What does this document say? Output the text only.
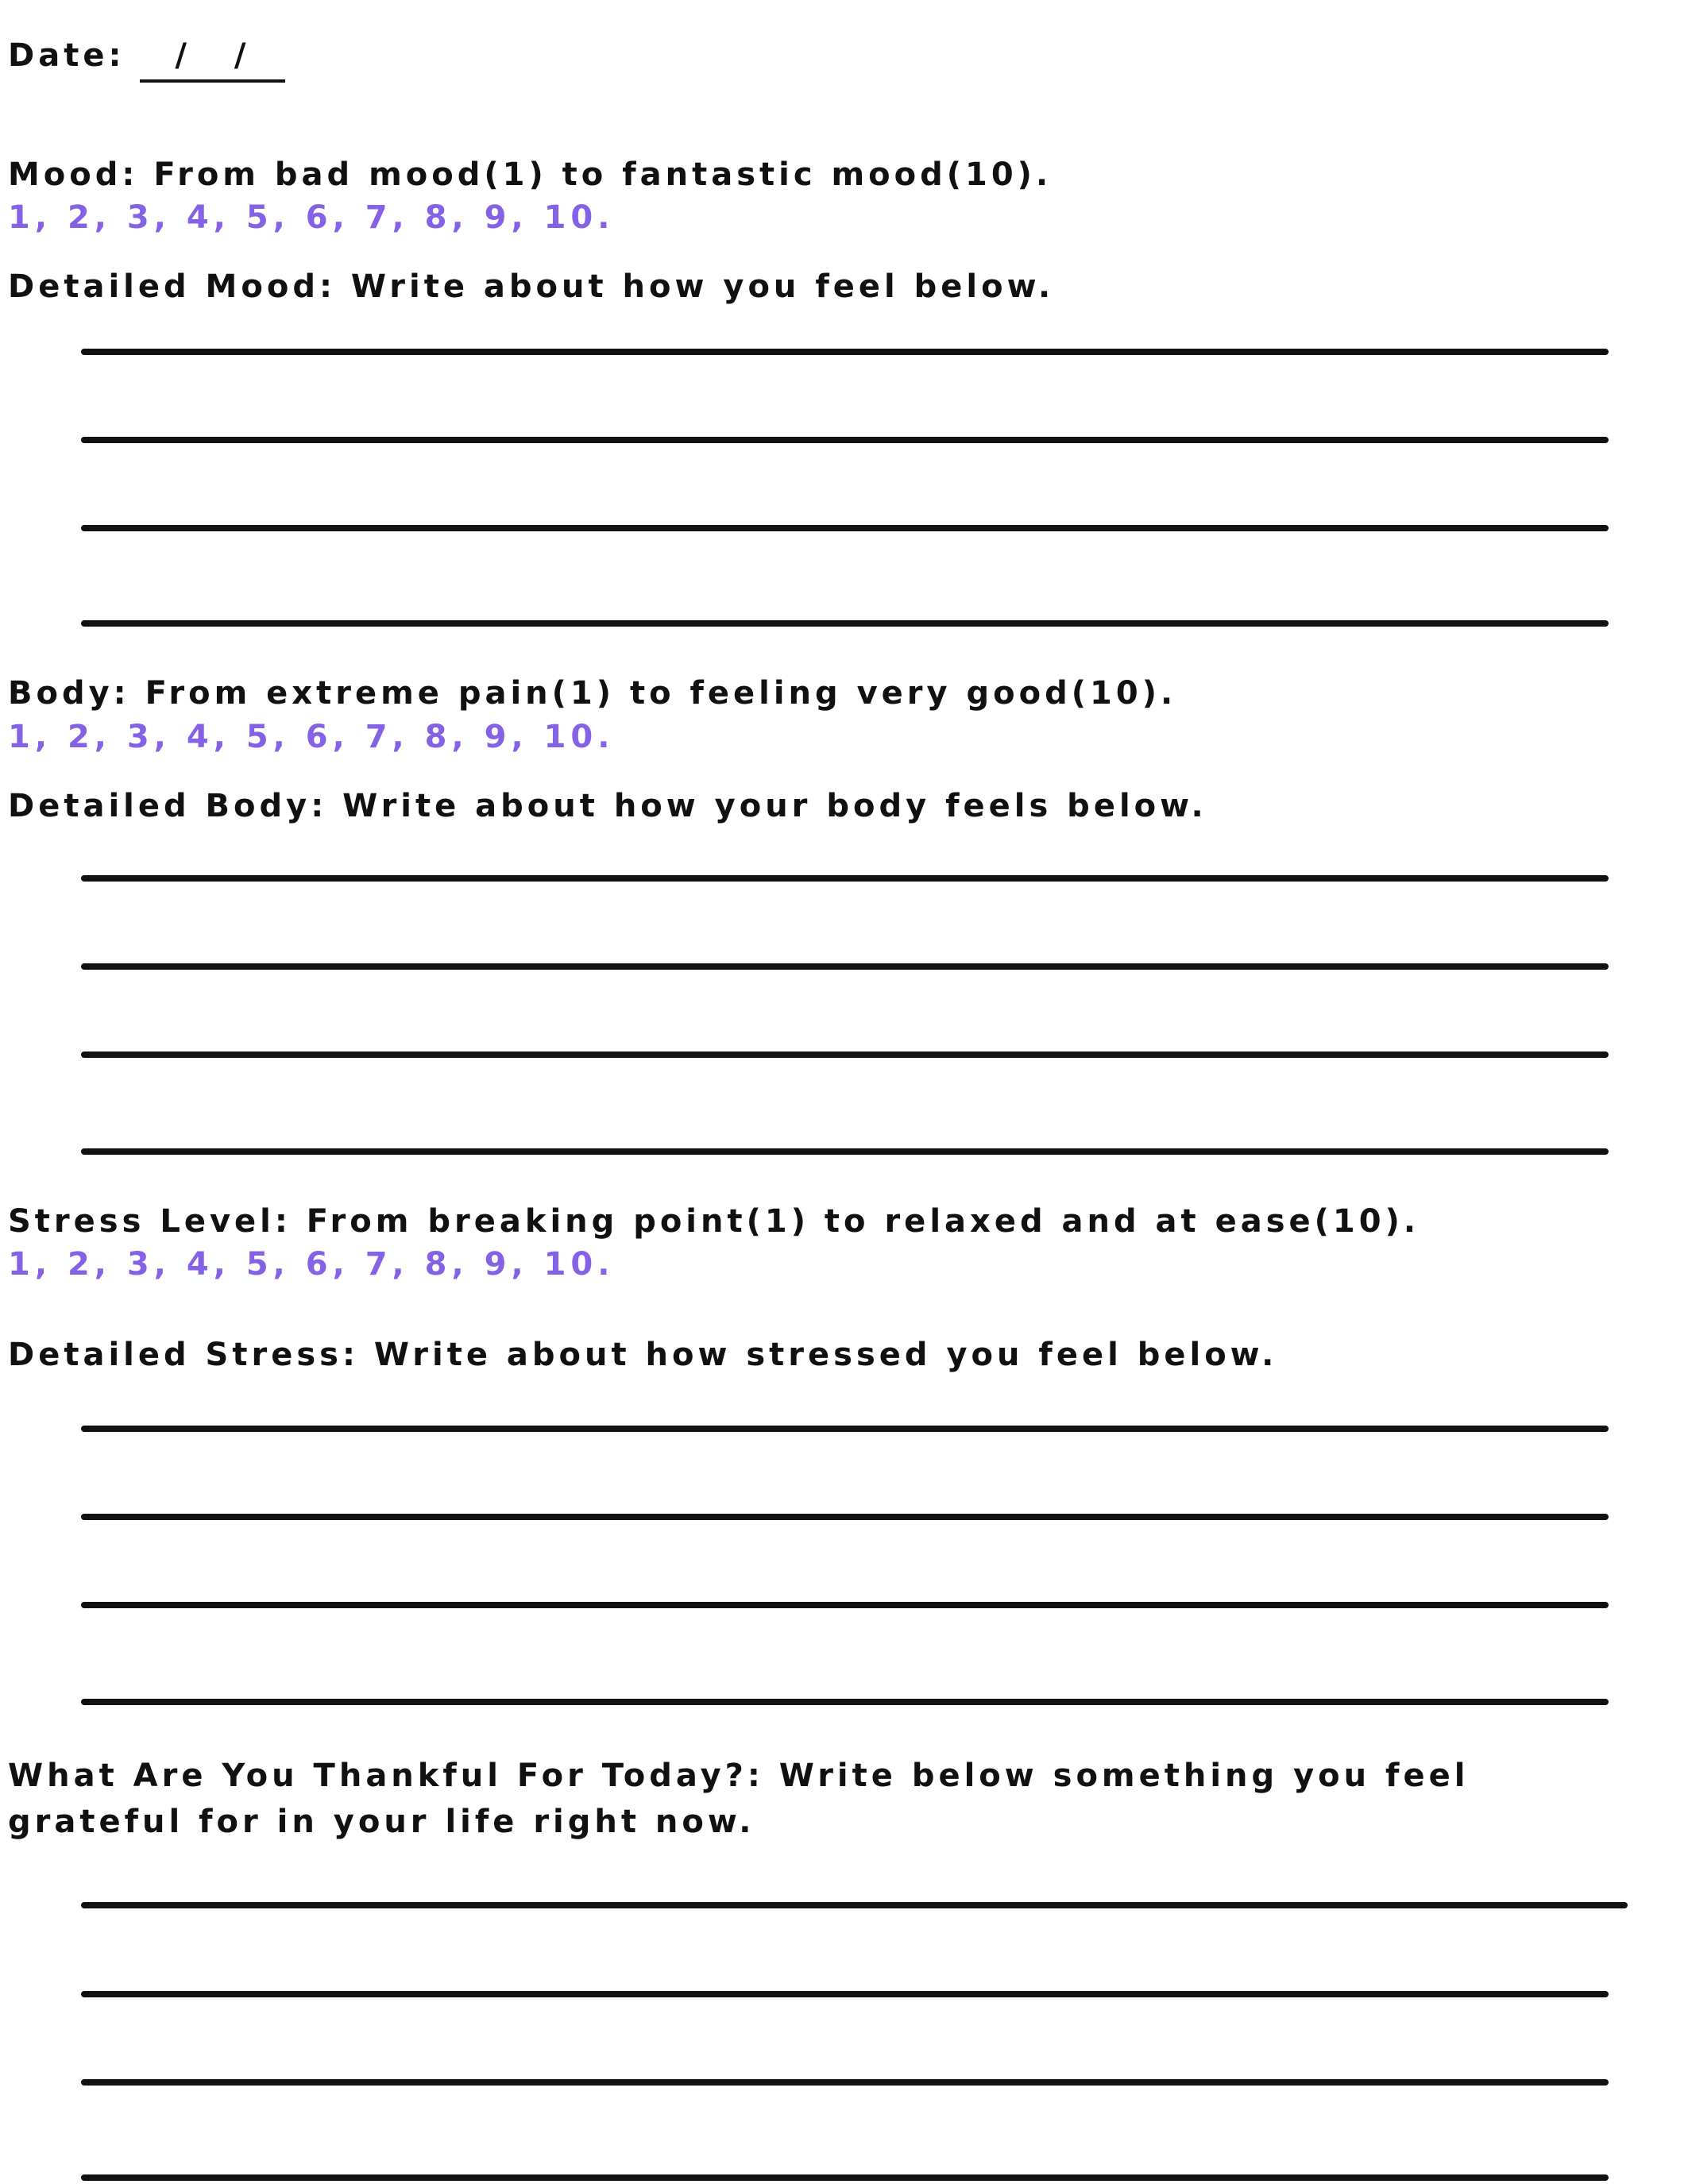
Date: / /

Mood: From bad mood(1) to fantastic mood(10).

1, 2, 3, 4, 5, 6, 7, 8, 9, 10.

Detailed Mood: Write about how you feel below.

Body: From extreme pain(1) to feeling very good(10).

1, 2, 3, 4, 5, 6, 7, 8, 9, 10.

Detailed Body: Write about how your body feels below.

Stress Level: From breaking point(1) to relaxed and at ease(10).

1, 2, 3, 4, 5, 6, 7, 8, 9, 10.

Detailed Stress: Write about how stressed you feel below.

What Are You Thankful For Today?: Write below something you feel

grateful for in your life right now.
